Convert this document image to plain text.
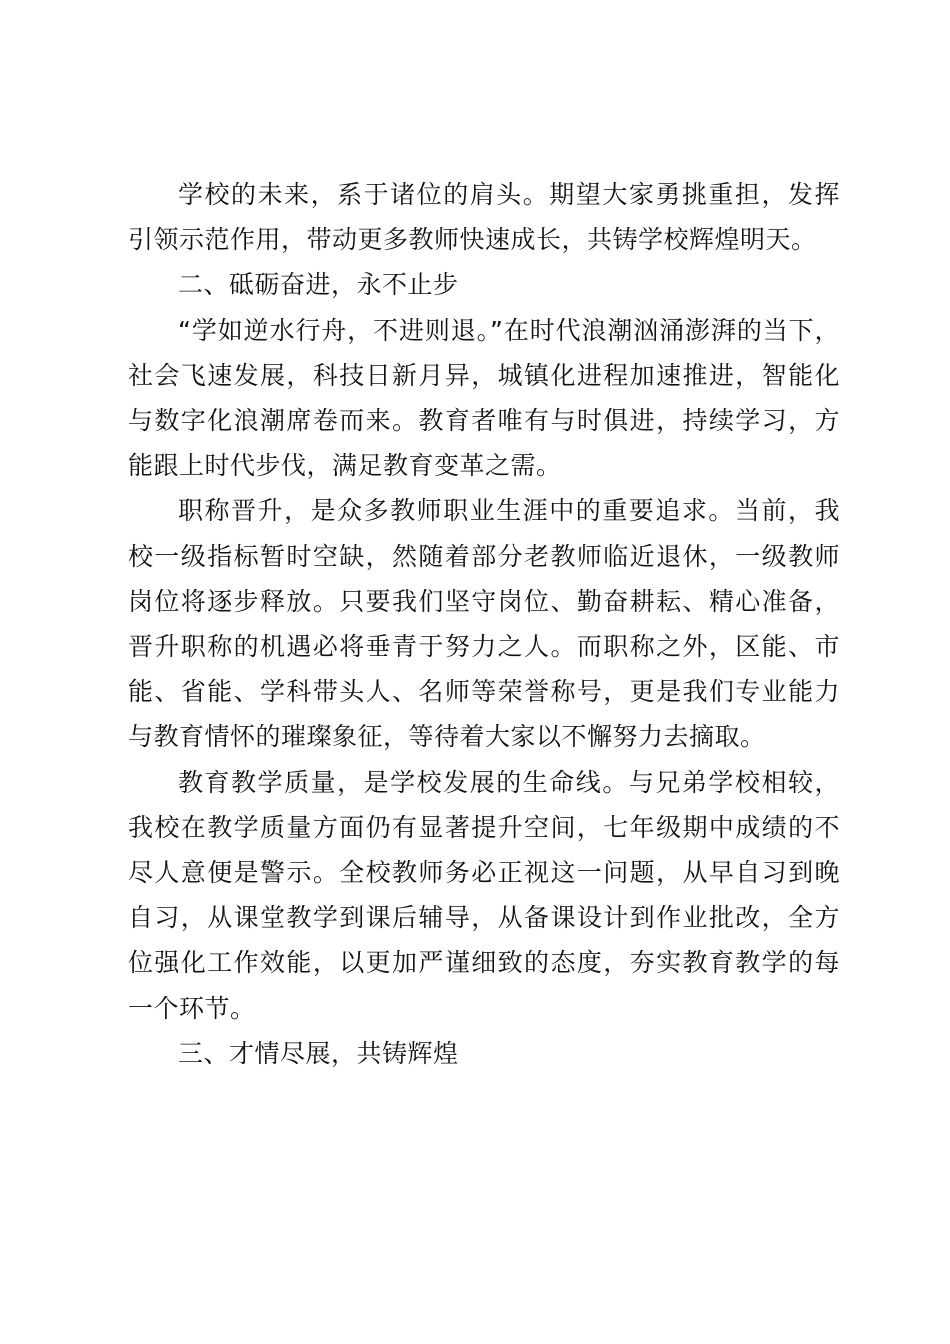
学校的未来，系于诸位的肩头。期望大家勇挑重担，发挥引领示范作用，带动更多教师快速成长，共铸学校辉煌明天。

二、砥砺奋进，永不止步

“学如逆水行舟，不进则退。”在时代浪潮汹涌澎湃的当下，社会飞速发展，科技日新月异，城镇化进程加速推进，智能化与数字化浪潮席卷而来。教育者唯有与时俱进，持续学习，方能跟上时代步伐，满足教育变革之需。

职称晋升，是众多教师职业生涯中的重要追求。当前，我校一级指标暂时空缺，然随着部分老教师临近退休，一级教师岗位将逐步释放。只要我们坚守岗位、勤奋耕耘、精心准备，晋升职称的机遇必将垂青于努力之人。而职称之外，区能、市能、省能、学科带头人、名师等荣誉称号，更是我们专业能力与教育情怀的璀璨象征，等待着大家以不懈努力去摘取。

教育教学质量，是学校发展的生命线。与兄弟学校相较，我校在教学质量方面仍有显著提升空间，七年级期中成绩的不尽人意便是警示。全校教师务必正视这一问题，从早自习到晚自习，从课堂教学到课后辅导，从备课设计到作业批改，全方位强化工作效能，以更加严谨细致的态度，夯实教育教学的每一个环节。

三、才情尽展，共铸辉煌
